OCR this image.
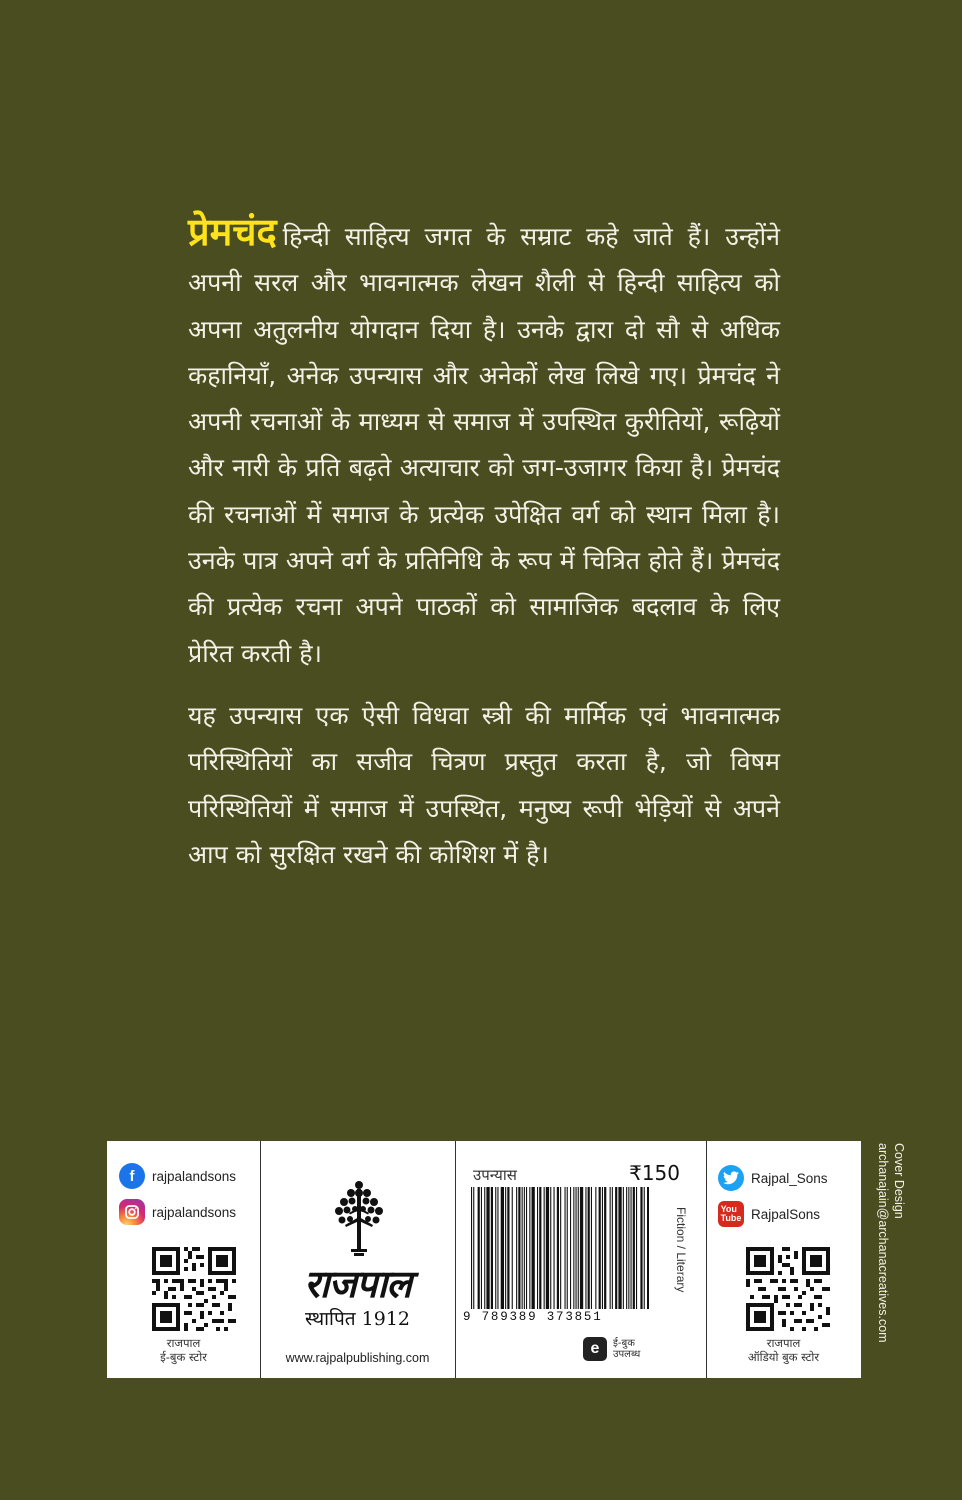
प्रेमचंद हिन्दी साहित्य जगत के सम्राट कहे जाते हैं। उन्होंने अपनी सरल और भावनात्मक लेखन शैली से हिन्दी साहित्य को अपना अतुलनीय योगदान दिया है। उनके द्वारा दो सौ से अधिक कहानियाँ, अनेक उपन्यास और अनेकों लेख लिखे गए। प्रेमचंद ने अपनी रचनाओं के माध्यम से समाज में उपस्थित कुरीतियों, रूढ़ियों और नारी के प्रति बढ़ते अत्याचार को जग-उजागर किया है। प्रेमचंद की रचनाओं में समाज के प्रत्येक उपेक्षित वर्ग को स्थान मिला है। उनके पात्र अपने वर्ग के प्रतिनिधि के रूप में चित्रित होते हैं। प्रेमचंद की प्रत्येक रचना अपने पाठकों को सामाजिक बदलाव के लिए प्रेरित करती है।

यह उपन्यास एक ऐसी विधवा स्त्री की मार्मिक एवं भावनात्मक परिस्थितियों का सजीव चित्रण प्रस्तुत करता है, जो विषम परिस्थितियों में समाज में उपस्थित, मनुष्य रूपी भेड़ियों से अपने आप को सुरक्षित रखने की कोशिश में है।

f	rajpalandsons
rajpalandsons
राजपाल
ई-बुक स्टोर
राजपाल
स्थापित 1912
www.rajpalpublishing.com
उपन्यास	₹150
9 789389 373851
Fiction / Literary
e	ई-बुक
उपलब्ध
Rajpal_Sons
You
Tube RajpalSons
राजपाल
ऑडियो बुक स्टोर
Cover Design
archanajain@archanacreatives.com
